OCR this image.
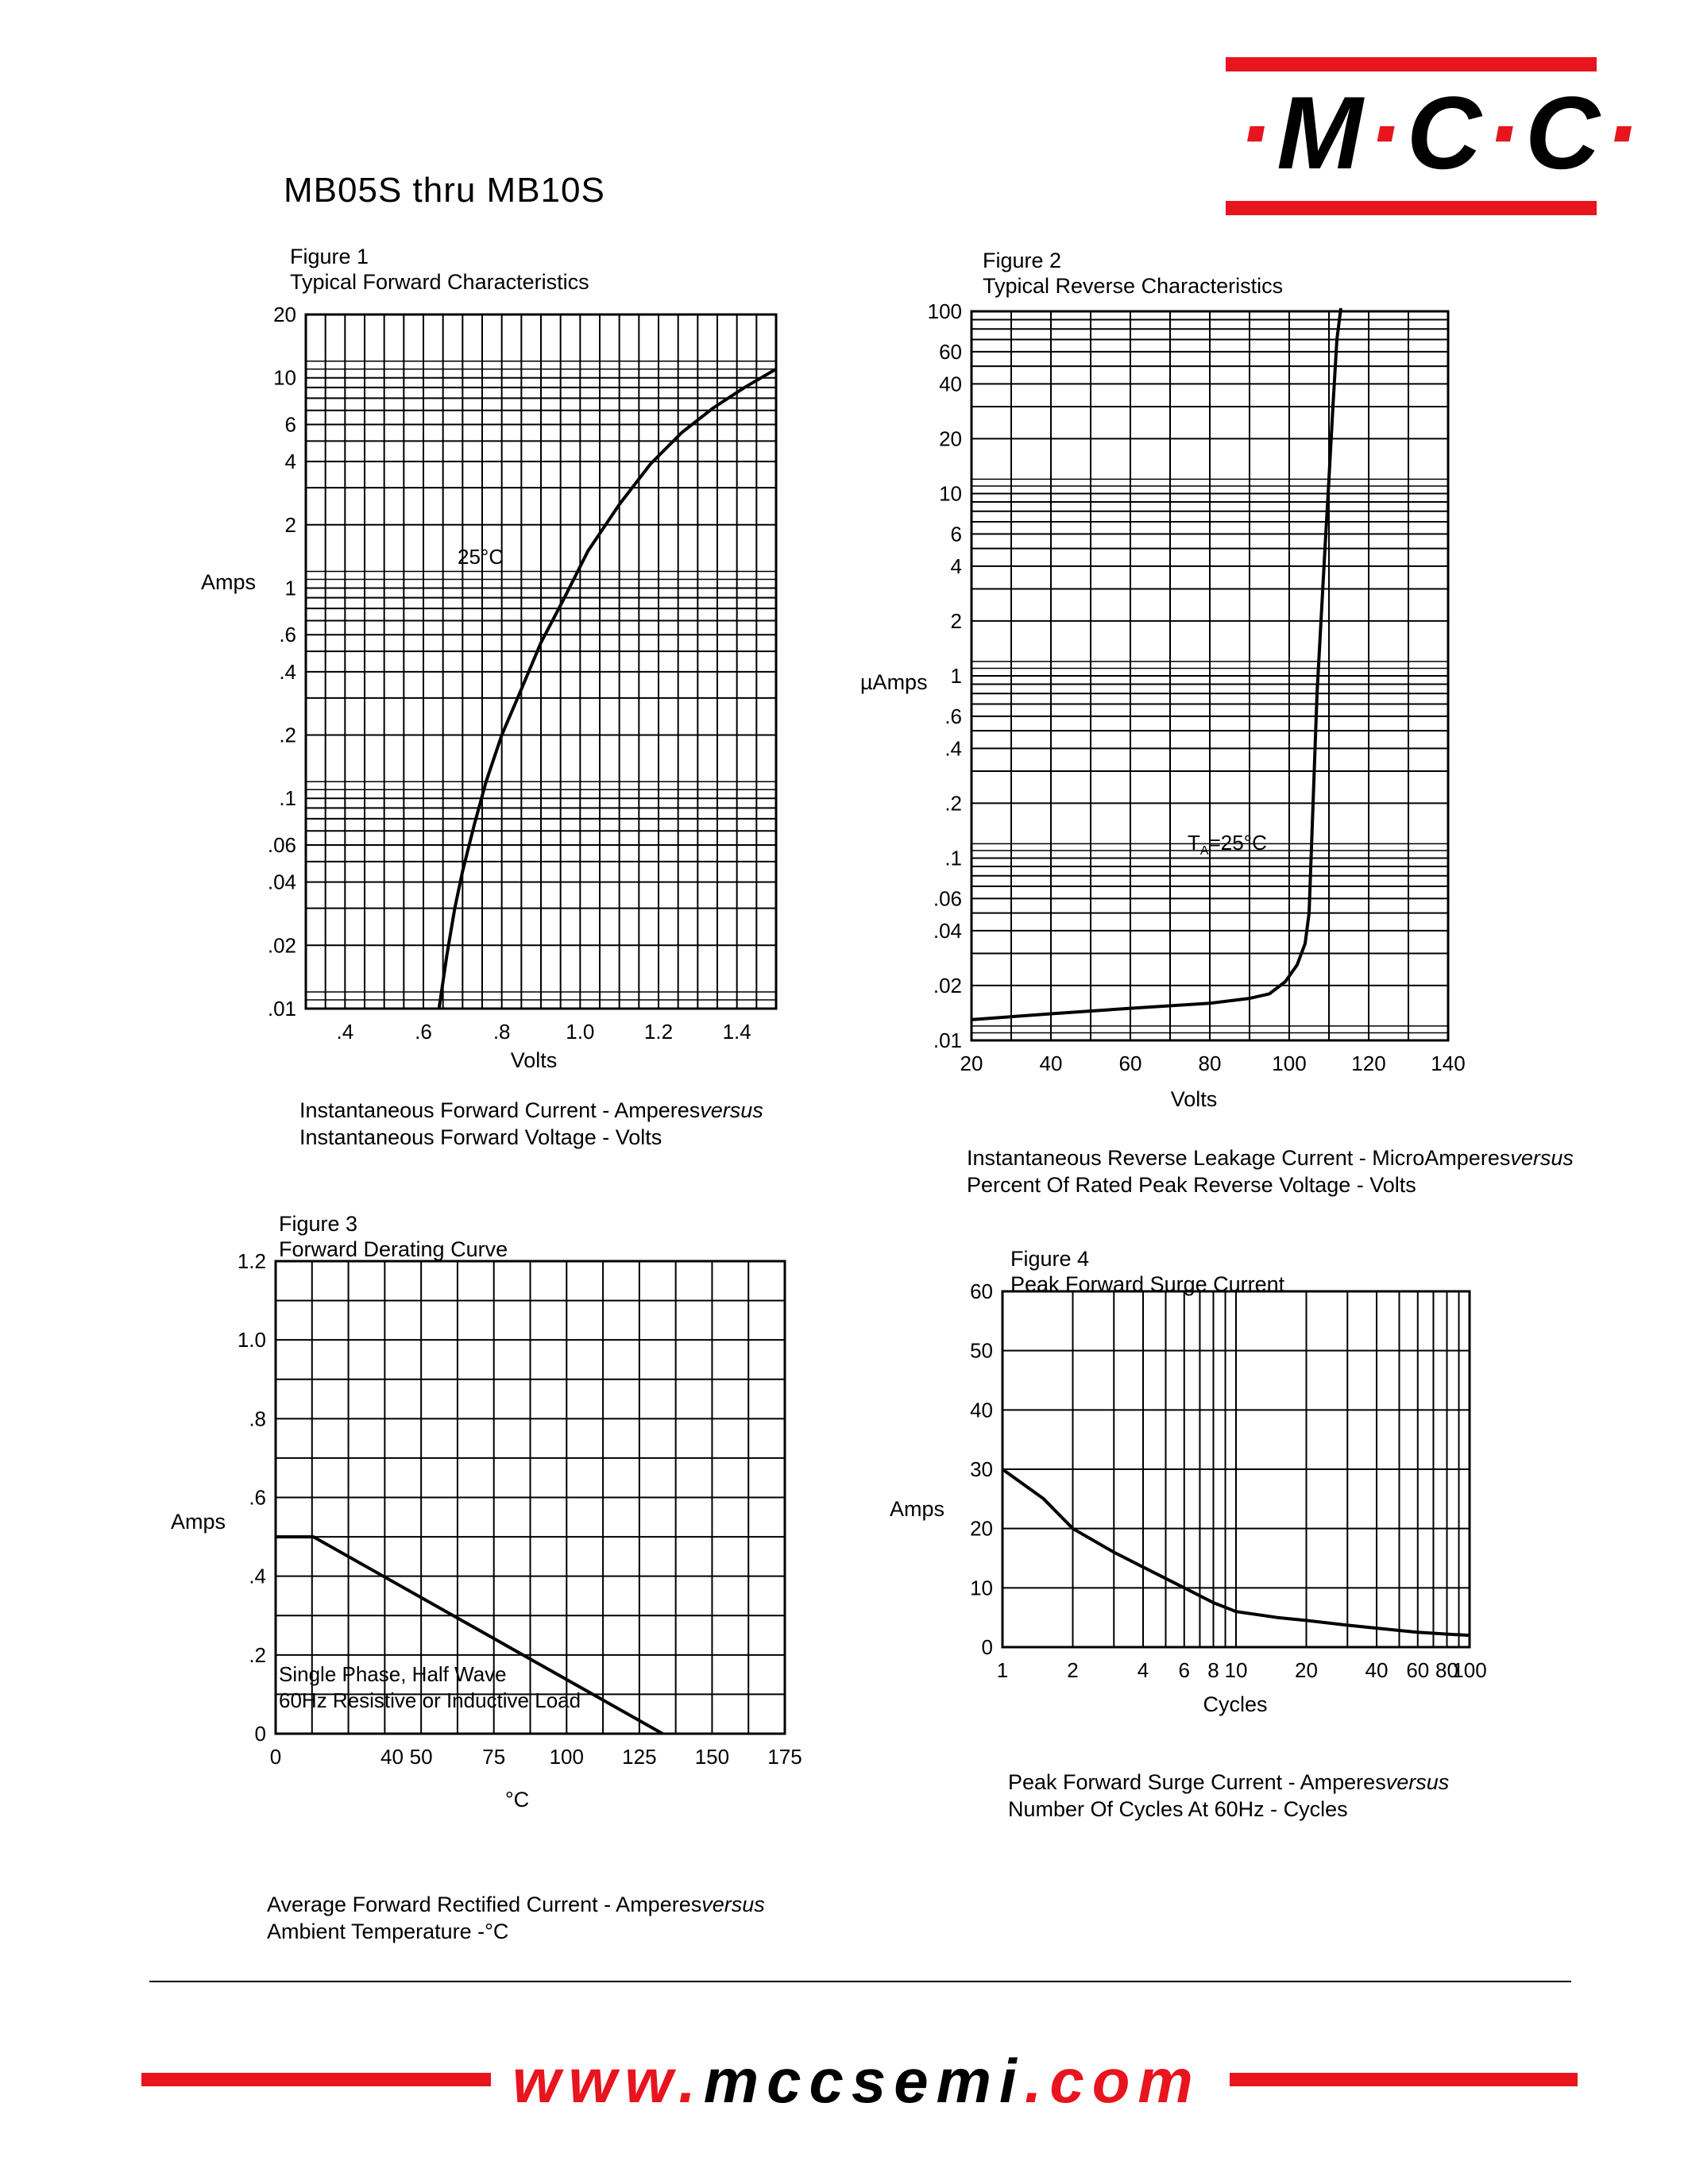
·M·C·C·
MB05S thru MB10S
Figure 1
Typical Forward Characteristics
Figure 2
Typical Reverse Characteristics
Figure 3
Forward Derating Curve	Figure 4
Peak Forward Surge Current
.01
.02
.04
.06
.1
.2
.4
.6
1
2
4
6
10
20
.4	.6	.8	1.0 1.2 1.4
Amps
Volts
25°C
.01
.02
.04
.06
.1
.2
.4
.6
1
2
4
6
10
20
40
60
100
20	40	60	80 100 120 140
µAmps
Volts
$T_A=25^\circ C$
0
.2
.4
.6
.8
1.0
1.2
0	40 50 75 100 125 150 175
Amps
°C
Single Phase, Half Wave
60Hz Resistive or Inductive Load
0
10
20
30
40
50
60
1	2	4 6 8 10 20 40 60 80
100
Amps
Cycles
Instantaneous Forward Current - Amperesversus
Instantaneous Forward Voltage - Volts
Instantaneous Reverse Leakage Current - MicroAmperesversus
Percent Of Rated Peak Reverse Voltage - Volts
Average Forward Rectified Current - Amperesversus
Ambient Temperature -°C
Peak Forward Surge Current - Amperesversus
Number Of Cycles At 60Hz - Cycles
www.mccsemi.com
